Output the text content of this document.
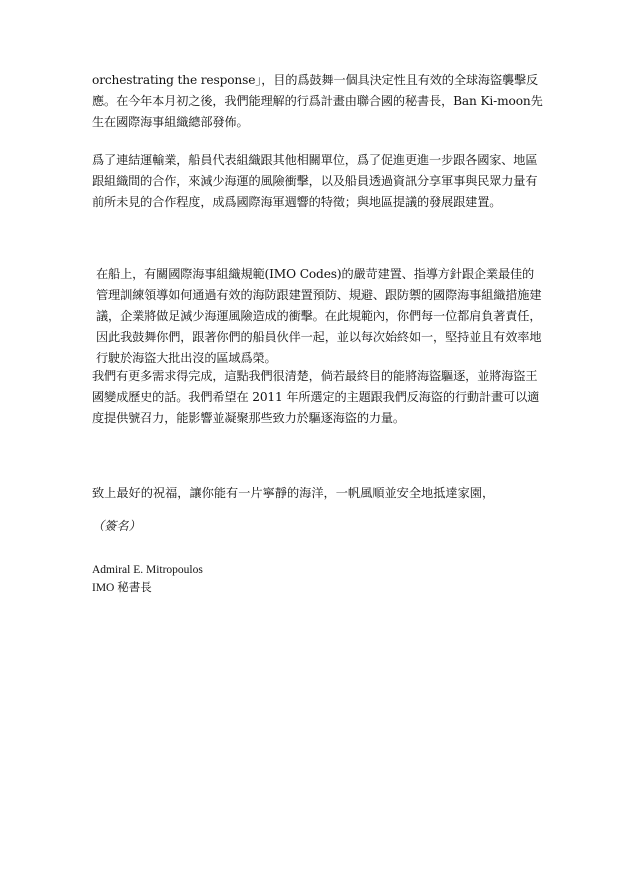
orchestrating the response」，目的爲鼓舞一個具決定性且有效的全球海盜襲擊反應。在今年本月初之後，我們能理解的行爲計畫由聯合國的秘書長，Ban Ki-moon先生在國際海事組織總部發佈。

爲了連結運輸業，船員代表組織跟其他相關單位，爲了促進更進一步跟各國家、地區跟組織間的合作，來減少海運的風險衝擊，以及船員透過資訊分享軍事與民眾力量有前所未見的合作程度，成爲國際海軍週響的特徵；與地區提議的發展跟建置。

在船上，有關國際海事組織規範(IMO Codes)的嚴苛建置、指導方針跟企業最佳的管理訓練領導如何通過有效的海防跟建置預防、規避、跟防禦的國際海事組織措施建議，企業將做足減少海運風險造成的衝擊。在此規範內，你們每一位都肩負著責任，因此我鼓舞你們，跟著你們的船員伙伴一起，並以每次始終如一，堅持並且有效率地行駛於海盜大批出沒的區域爲榮。

我們有更多需求得完成，這點我們很清楚，倘若最終目的能將海盜驅逐，並將海盜王國變成歷史的話。我們希望在 2011 年所選定的主題跟我們反海盜的行動計畫可以適度提供號召力，能影響並凝聚那些致力於驅逐海盜的力量。

致上最好的祝福，讓你能有一片寧靜的海洋，一帆風順並安全地抵達家園，

（簽名）

Admiral E. Mitropoulos

IMO 秘書長
